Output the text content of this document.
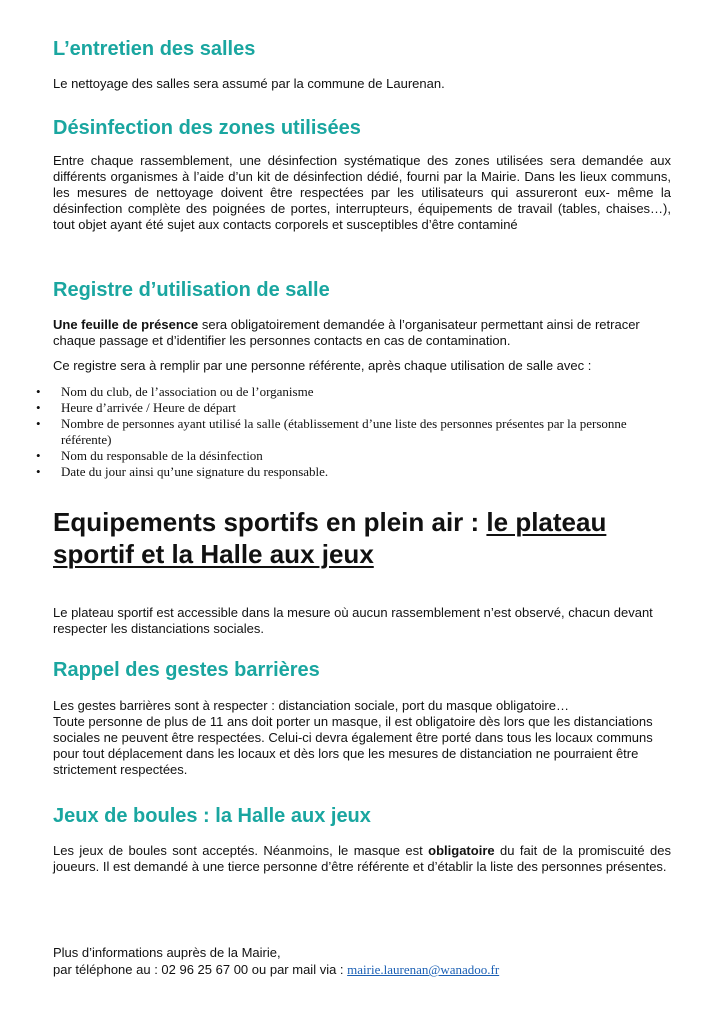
L’entretien des salles

Le nettoyage des salles sera assumé par la commune de Laurenan.

Désinfection des zones utilisées

Entre chaque rassemblement, une désinfection systématique des zones utilisées sera demandée aux différents organismes à l’aide d’un kit de désinfection dédié, fourni par la Mairie. Dans les lieux communs, les mesures de nettoyage doivent être respectées par les utilisateurs qui assureront eux- même la désinfection complète des poignées de portes, interrupteurs, équipements de travail (tables, chaises…), tout objet ayant été sujet aux contacts corporels et susceptibles d’être contaminé

Registre d’utilisation de salle

Une feuille de présence sera obligatoirement demandée à l’organisateur permettant ainsi de retracer chaque passage et d’identifier les personnes contacts en cas de contamination.

Ce registre sera à remplir par une personne référente, après chaque utilisation de salle avec :

• Nom du club, de l’association ou de l’organisme
• Heure d’arrivée / Heure de départ
• Nombre de personnes ayant utilisé la salle (établissement d’une liste des personnes présentes par la personne référente)
• Nom du responsable de la désinfection
• Date du jour ainsi qu’une signature du responsable.
Equipements sportifs en plein air : le plateau sportif et la Halle aux jeux

Le plateau sportif est accessible dans la mesure où aucun rassemblement n’est observé, chacun devant respecter les distanciations sociales.

Rappel des gestes barrières

Les gestes barrières sont à respecter : distanciation sociale, port du masque obligatoire…

Toute personne de plus de 11 ans doit porter un masque, il est obligatoire dès lors que les distanciations sociales ne peuvent être respectées. Celui-ci devra également être porté dans tous les locaux communs pour tout déplacement dans les locaux et dès lors que les mesures de distanciation ne pourraient être strictement respectées.

Jeux de boules : la Halle aux jeux

Les jeux de boules sont acceptés. Néanmoins, le masque est obligatoire du fait de la promiscuité des joueurs. Il est demandé à une tierce personne d’être référente et d’établir la liste des personnes présentes.

Plus d’informations auprès de la Mairie,

par téléphone au : 02 96 25 67 00 ou par mail via : mairie.laurenan@wanadoo.fr
